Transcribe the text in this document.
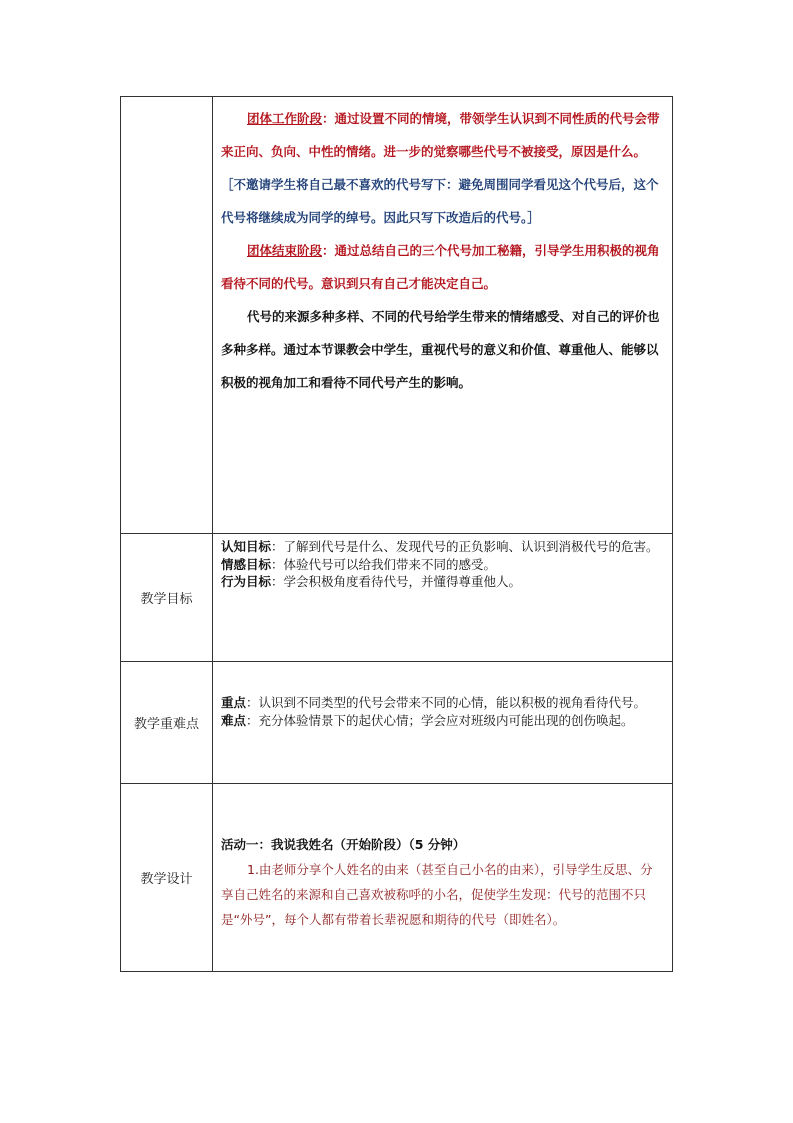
	团体工作阶段：通过设置不同的情境，带领学生认识到不同性质的代号会带来正向、负向、中性的情绪。进一步的觉察哪些代号不被接受，原因是什么。
［不邀请学生将自己最不喜欢的代号写下：避免周围同学看见这个代号后，这个代号将继续成为同学的绰号。因此只写下改造后的代号。］
团体结束阶段：通过总结自己的三个代号加工秘籍，引导学生用积极的视角看待不同的代号。意识到只有自己才能决定自己。
代号的来源多种多样、不同的代号给学生带来的情绪感受、对自己的评价也多种多样。通过本节课教会中学生，重视代号的意义和价值、尊重他人、能够以积极的视角加工和看待不同代号产生的影响。

教学目标	认知目标：了解到代号是什么、发现代号的正负影响、认识到消极代号的危害。
情感目标：体验代号可以给我们带来不同的感受。
行为目标：学会积极角度看待代号，并懂得尊重他人。

教学重难点	重点：认识到不同类型的代号会带来不同的心情，能以积极的视角看待代号。
难点：充分体验情景下的起伏心情；学会应对班级内可能出现的创伤唤起。

教学设计	活动一：我说我姓名（开始阶段）（5 分钟）
1.由老师分享个人姓名的由来（甚至自己小名的由来），引导学生反思、分享自己姓名的来源和自己喜欢被称呼的小名，促使学生发现：代号的范围不只是“外号”，每个人都有带着长辈祝愿和期待的代号（即姓名）。
